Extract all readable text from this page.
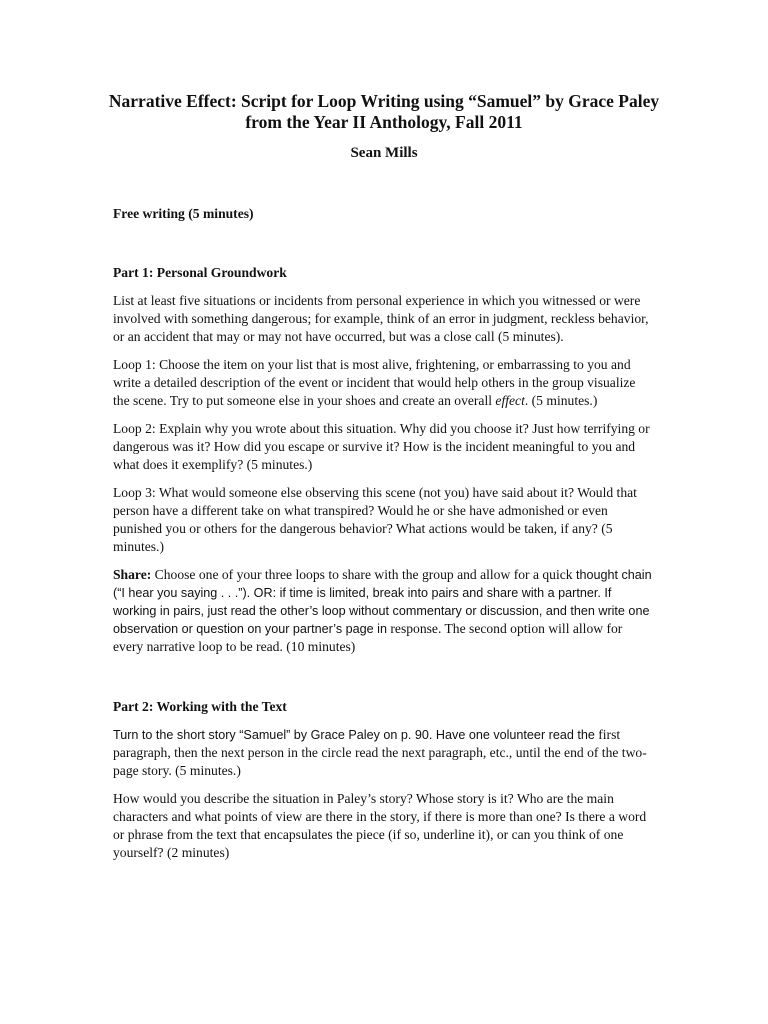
Narrative Effect: Script for Loop Writing using “Samuel” by Grace Paley from the Year II Anthology, Fall 2011
Sean Mills

Free writing (5 minutes)

Part 1: Personal Groundwork

List at least five situations or incidents from personal experience in which you witnessed or were involved with something dangerous; for example, think of an error in judgment, reckless behavior, or an accident that may or may not have occurred, but was a close call (5 minutes).

Loop 1: Choose the item on your list that is most alive, frightening, or embarrassing to you and write a detailed description of the event or incident that would help others in the group visualize the scene. Try to put someone else in your shoes and create an overall effect. (5 minutes.)

Loop 2: Explain why you wrote about this situation. Why did you choose it? Just how terrifying or dangerous was it? How did you escape or survive it? How is the incident meaningful to you and what does it exemplify? (5 minutes.)

Loop 3: What would someone else observing this scene (not you) have said about it? Would that person have a different take on what transpired? Would he or she have admonished or even punished you or others for the dangerous behavior? What actions would be taken, if any? (5 minutes.)

Share: Choose one of your three loops to share with the group and allow for a quick thought chain (“I hear you saying . . .”). OR: if time is limited, break into pairs and share with a partner. If working in pairs, just read the other’s loop without commentary or discussion, and then write one observation or question on your partner’s page in response. The second option will allow for every narrative loop to be read. (10 minutes)

Part 2: Working with the Text

Turn to the short story “Samuel” by Grace Paley on p. 90. Have one volunteer read the first paragraph, then the next person in the circle read the next paragraph, etc., until the end of the two-page story. (5 minutes.)

How would you describe the situation in Paley’s story? Whose story is it? Who are the main characters and what points of view are there in the story, if there is more than one? Is there a word or phrase from the text that encapsulates the piece (if so, underline it), or can you think of one yourself? (2 minutes)
